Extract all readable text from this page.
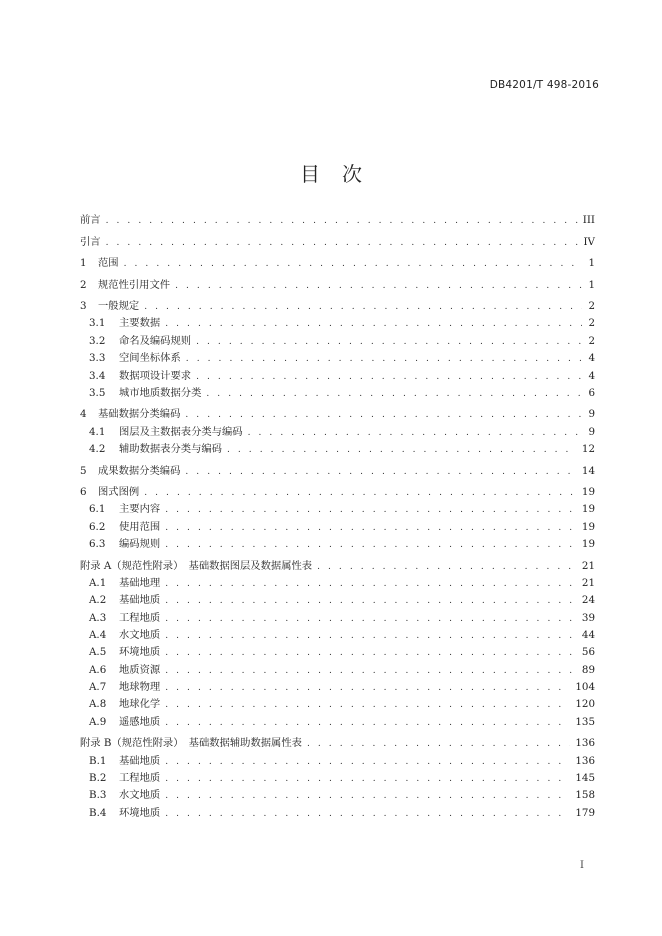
DB4201/T 498-2016
目次
前言 . . .	III
引言 . . .	IV
1 范围 . . .	1
2 规范性引用文件 . . .	1
3 一般规定 . . .	2
3.1 主要数据 . . .	2
3.2 命名及编码规则 . . .	2
3.3 空间坐标体系 . . .	4
3.4 数据项设计要求 . . .	4
3.5 城市地质数据分类 . . .	6
4 基础数据分类编码 . . .	9
4.1 图层及主数据表分类与编码 . . .	9
4.2 辅助数据表分类与编码 . . .	12
5 成果数据分类编码 . . .	14
6 图式图例 . . .	19
6.1 主要内容 . . .	19
6.2 使用范围 . . .	19
6.3 编码规则 . . .	19
附录 A（规范性附录）　基础数据图层及数据属性表 . . .	21
A.1 基础地理 . . .	21
A.2 基础地质 . . .	24
A.3 工程地质 . . .	39
A.4 水文地质 . . .	44
A.5 环境地质 . . .	56
A.6 地质资源 . . .	89
A.7 地球物理 . . .	104
A.8 地球化学 . . .	120
A.9 遥感地质 . . .	135
附录 B（规范性附录）　基础数据辅助数据属性表 . . .	136
B.1 基础地质 . . .	136
B.2 工程地质 . . .	145
B.3 水文地质 . . .	158
B.4 环境地质 . . .	179
I
